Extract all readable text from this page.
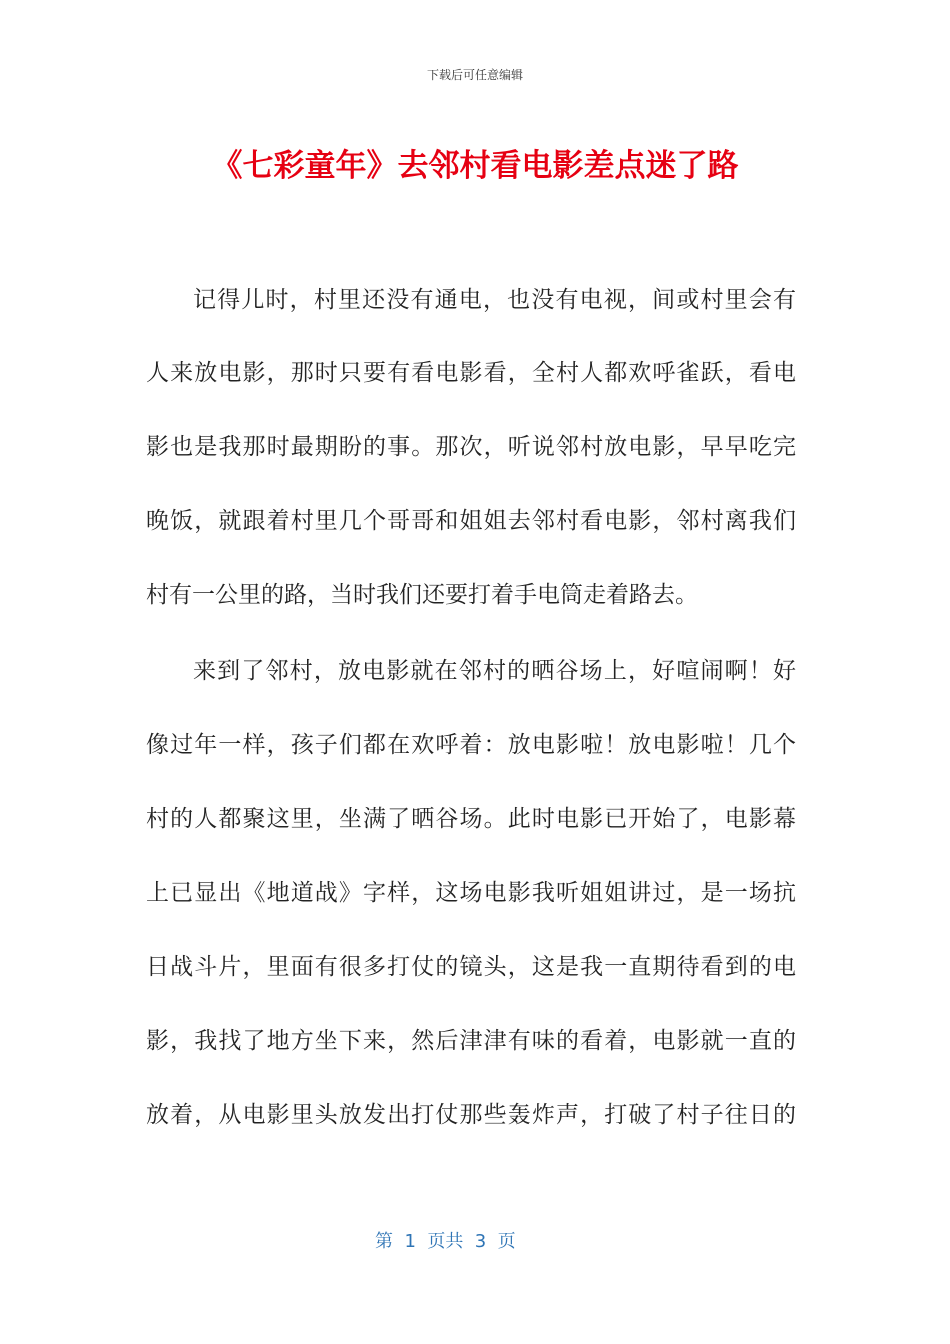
下载后可任意编辑
《七彩童年》去邻村看电影差点迷了路
记得儿时，村里还没有通电，也没有电视，间或村里会有
人来放电影，那时只要有看电影看，全村人都欢呼雀跃，看电
影也是我那时最期盼的事。那次，听说邻村放电影，早早吃完
晚饭，就跟着村里几个哥哥和姐姐去邻村看电影，邻村离我们
村有一公里的路，当时我们还要打着手电筒走着路去。
来到了邻村，放电影就在邻村的晒谷场上，好喧闹啊！好
像过年一样，孩子们都在欢呼着：放电影啦！放电影啦！几个
村的人都聚这里，坐满了晒谷场。此时电影已开始了，电影幕
上已显出《地道战》字样，这场电影我听姐姐讲过，是一场抗
日战斗片，里面有很多打仗的镜头，这是我一直期待看到的电
影，我找了地方坐下来，然后津津有味的看着，电影就一直的
放着，从电影里头放发出打仗那些轰炸声，打破了村子往日的
第  1  页共  3  页
